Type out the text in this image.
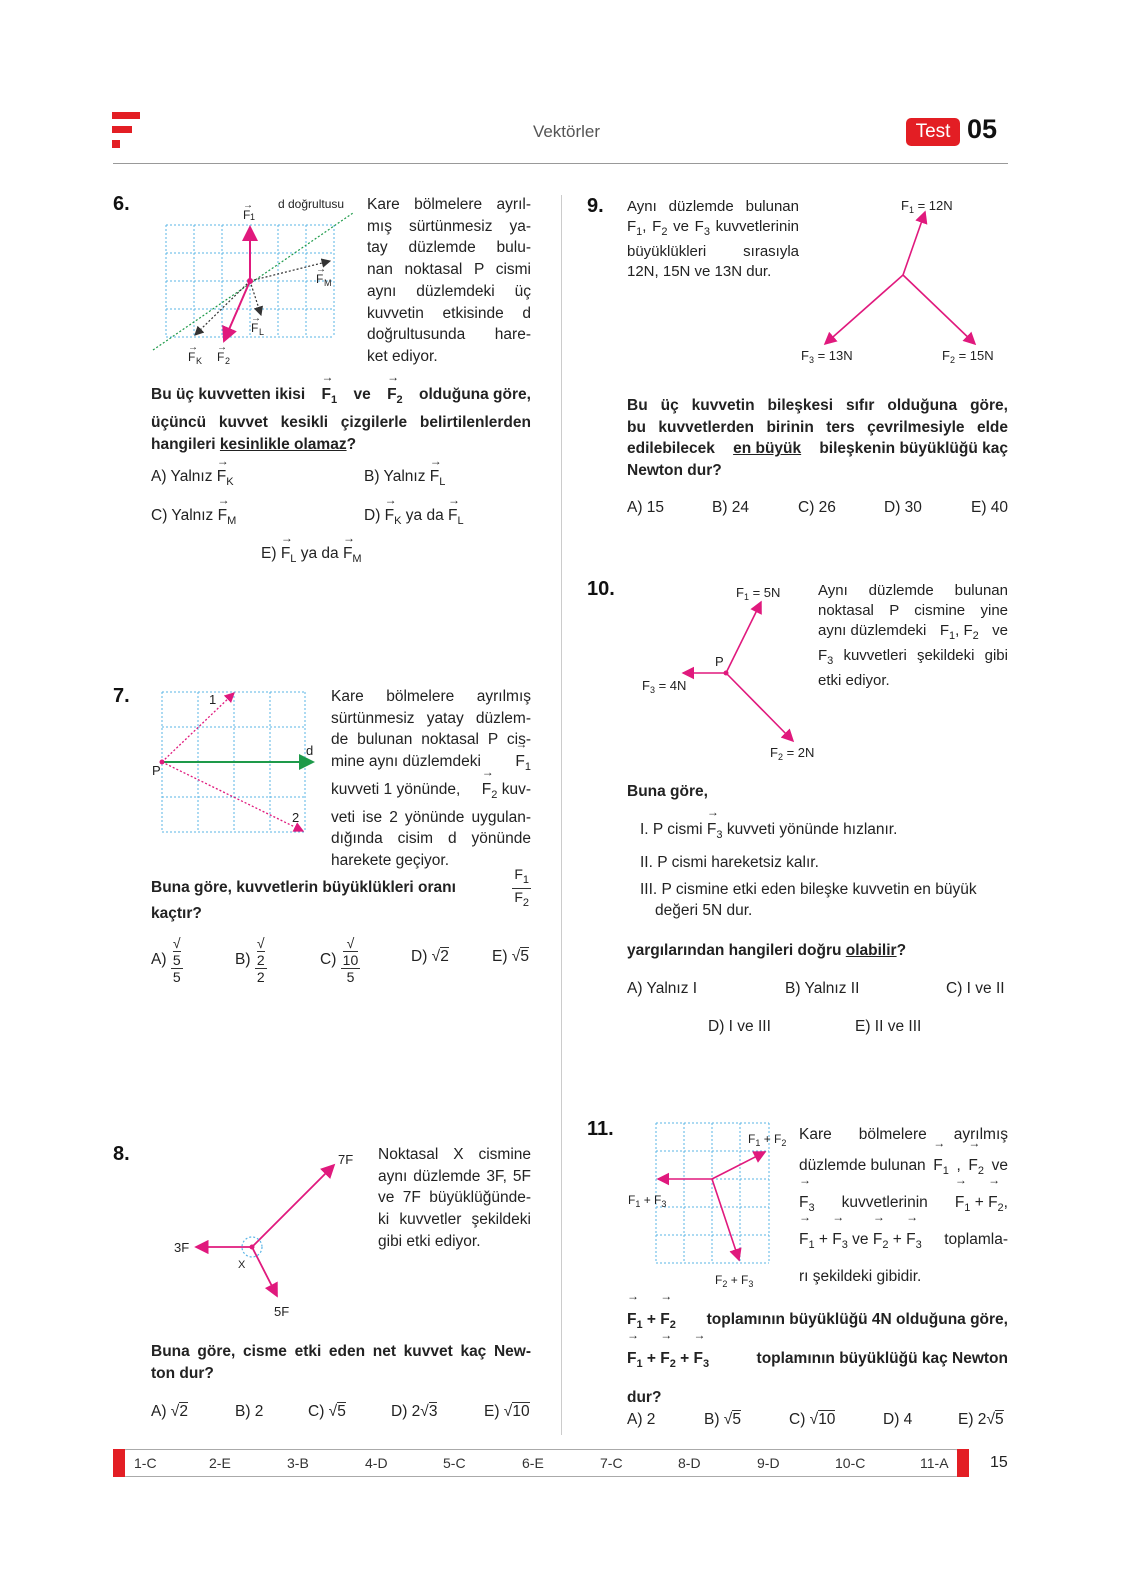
Vektörler	Test 05
6.	d doğrultusu
F
F
F
F F
1
M
L
K	2
→
→
→
→ →
Kare bölmelere ayrıl-
mış sürtünmesiz ya-
tay düzlemde bulu-
nan noktasal P cismi
aynı düzlemdeki üç
kuvvetin etkisinde d
doğrultusunda hare-
ket ediyor.
Bu üç kuvvetten ikisi → $F_1$ ve → $F_2$ olduğuna göre,
üçüncü kuvvet kesikli çizgilerle belirtilenlerden
hangileri kesinlikle olamaz?
A) Yalnız → $F_K$	B) Yalnız → $F_L$
C) Yalnız → $F_M$	$D) \to F_K$ ya da → $F_L$
$E) \to F_L$ ya da → $F_M$
7.
P
1
2
d
Kare bölmelere ayrılmış
sürtünmesiz yatay düzlem-
de bulunan noktasal P cis-
mine aynı düzlemdeki → $F_1$
kuvveti 1 yönünde, → $F_2$ kuv-
veti ise 2 yönünde uygulan-
dığında cisim d yönünde
harekete geçiyor.
Buna göre, kuvvetlerin büyüklükleri oranı	$\frac{F_1}{F_2}$
kaçtır?
A) √
5
5	B) √
2
2	C) √
10
5	D) √2	E) √5
8.	7F
3F
5F
X
Noktasal X cismine
aynı düzlemde 3F, 5F
ve 7F büyüklüğünde-
ki kuvvetler şekildeki
gibi etki ediyor.
Buna göre, cisme etki eden net kuvvet kaç New-
ton dur?
A) √2	B) 2	C) √5	D) 2√3	E) √10
9. Aynı düzlemde bulunan
$F_1$, $F_2$ ve $F_3$ kuvvetlerinin
büyüklükleri sırasıyla
12N, 15N ve 13N dur.
$F_1 = 12N$
$F_3 = 13N$	$F_2 = 15N$
Bu üç kuvvetin bileşkesi sıfır olduğuna göre,
bu kuvvetlerden birinin ters çevrilmesiyle elde
edilebilecek en büyük bileşkenin büyüklüğü kaç
Newton dur?
A) 15	B) 24	C) 26	D) 30	E) 40
10.	$F_1 = 5N$
P
$F_3 = 4N$
$F_2 = 2N$
Aynı düzlemde bulunan
noktasal P cismine yine
aynı düzlemdeki $F_1$, $F_2$ ve
$F_3$ kuvvetleri şekildeki gibi
etki ediyor.
Buna göre,
I. P cismi → $F_3$ kuvveti yönünde hızlanır.
II. P cismi hareketsiz kalır.
III. P cismine etki eden bileşke kuvvetin en büyük
değeri 5N dur.
yargılarından hangileri doğru olabilir?
A) Yalnız I	B) Yalnız II	C) I ve II
D) I ve III	E) II ve III
11.	$F_1 + F_2$
$F_1 + F_3$
$F_2 + F_3$
Kare bölmelere ayrılmış
düzlemde bulunan → $F_1$ , → $F_2$ ve
→ $F_3$ kuvvetlerinin → $F_1$ + → $F_2$,
→ $F_1$ + → $F_3$ ve → $F_2$ + → $F_3$ toplamla-
rı şekildeki gibidir.
→ $F_1$ + → $F_2$ toplamının büyüklüğü 4N olduğuna göre,
→ $F_1$ + → $F_2$ + → $F_3$	toplamının büyüklüğü kaç Newton
dur?
A) 2	B) √5	C) √10	D) 4	E) 2√5
1-C	2-E	3-B	4-D	5-C	6-E	7-C	8-D	9-D	10-C	11-A	15
